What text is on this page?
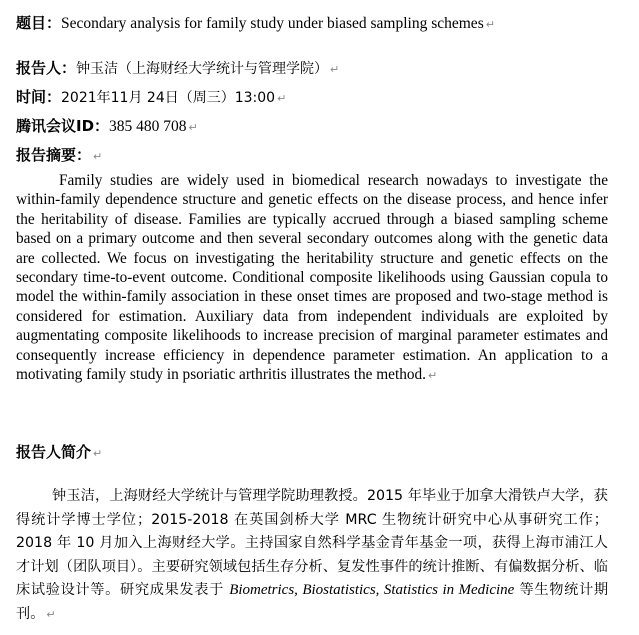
题目：Secondary analysis for family study under biased sampling schemes ↵
报告人：钟玉洁（上海财经大学统计与管理学院） ↵
时间：2021年11月 24日（周三）13:00 ↵
腾讯会议ID：385 480 708 ↵
报告摘要： ↵
Family studies are widely used in biomedical research nowadays to investigate the within-family dependence structure and genetic effects on the disease process, and hence infer the heritability of disease. Families are typically accrued through a biased sampling scheme based on a primary outcome and then several secondary outcomes along with the genetic data are collected. We focus on investigating the heritability structure and genetic effects on the secondary time-to-event outcome. Conditional composite likelihoods using Gaussian copula to model the within-family association in these onset times are proposed and two-stage method is considered for estimation. Auxiliary data from independent individuals are exploited by augmentating composite likelihoods to increase precision of marginal parameter estimates and consequently increase efficiency in dependence parameter estimation. An application to a motivating family study in psoriatic arthritis illustrates the method. ↵
报告人简介 ↵
钟玉洁，上海财经大学统计与管理学院助理教授。2015 年毕业于加拿大滑铁卢大学，获得统计学博士学位；2015-2018 在英国剑桥大学 MRC 生物统计研究中心从事研究工作；2018 年 10 月加入上海财经大学。主持国家自然科学基金青年基金一项，获得上海市浦江人才计划（团队项目）。主要研究领域包括生存分析、复发性事件的统计推断、有偏数据分析、临床试验设计等。研究成果发表于 Biometrics, Biostatistics, Statistics in Medicine 等生物统计期刊。 ↵
